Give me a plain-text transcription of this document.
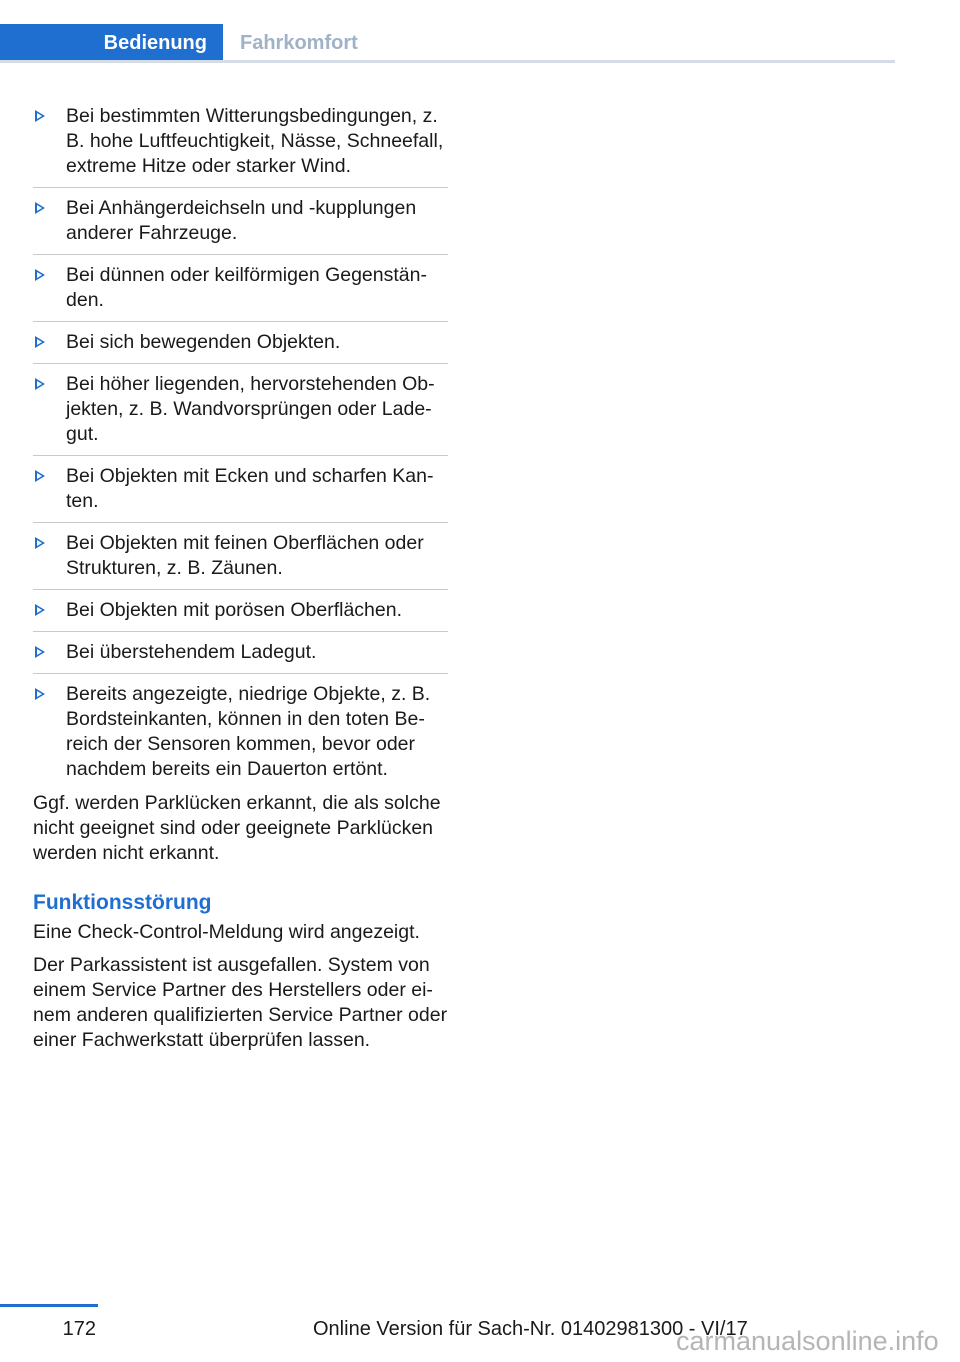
Bedienung	Fahrkomfort
Bei bestimmten Witterungsbedingungen, z. B. hohe Luftfeuchtigkeit, Nässe, Schneefall, extreme Hitze oder starker Wind.
Bei Anhängerdeichseln und -kupplungen anderer Fahrzeuge.
Bei dünnen oder keilförmigen Gegenstän-den.
Bei sich bewegenden Objekten.
Bei höher liegenden, hervorstehenden Ob-jekten, z. B. Wandvorsprüngen oder Lade-gut.
Bei Objekten mit Ecken und scharfen Kan-ten.
Bei Objekten mit feinen Oberflächen oder Strukturen, z. B. Zäunen.
Bei Objekten mit porösen Oberflächen.
Bei überstehendem Ladegut.
Bereits angezeigte, niedrige Objekte, z. B. Bordsteinkanten, können in den toten Be-reich der Sensoren kommen, bevor oder nachdem bereits ein Dauerton ertönt.

Ggf. werden Parklücken erkannt, die als solche nicht geeignet sind oder geeignete Parklücken werden nicht erkannt.

Funktionsstörung

Eine Check-Control-Meldung wird angezeigt.

Der Parkassistent ist ausgefallen. System von einem Service Partner des Herstellers oder ei-nem anderen qualifizierten Service Partner oder einer Fachwerkstatt überprüfen lassen.

172	Online Version für Sach-Nr. 01402981300 - VI/17
carmanualsonline.info
